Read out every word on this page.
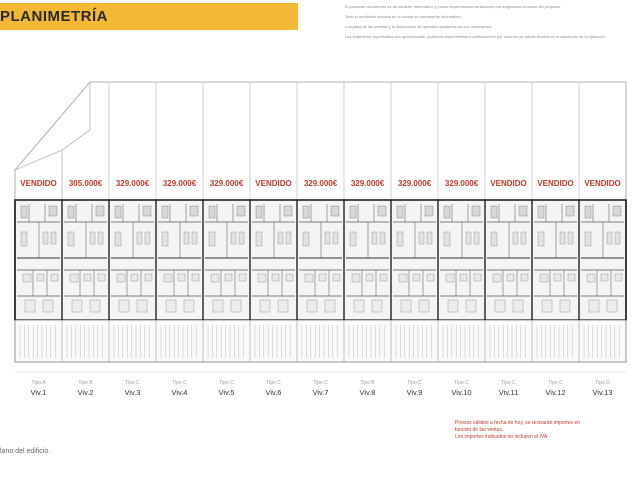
PLANIMETRÍA

El presente documento es de carácter informativo y puede experimentar variaciones por exigencias técnicas del proyecto.

Todo el mobiliario incluido en la cocina es meramente informativo.

Los giros de las puertas y la distribución de aparatos sanitarios no son vinculantes.

Las superficies expresadas son aproximadas, pudiendo experimentar modificaciones por razones de índole técnica en el desarrollo de la ejecución.

VENDIDO
Tipo A
Viv.1
305.000€
Tipo B
Viv.2
329.000€
Tipo C
Viv.3
329.000€
Tipo C
Viv.4
329.000€
Tipo C
Viv.5
VENDIDO
Tipo C
Viv.6
329.000€
Tipo C
Viv.7
329.000€
Tipo B
Viv.8
329.000€
Tipo C
Viv.9
329.000€
Tipo C
Viv.10
VENDIDO
Tipo C
Viv.11
VENDIDO
Tipo C
Viv.12
VENDIDO
Tipo D
Viv.13

Precios válidos a fecha de hoy, se revisarán importes en

función de las ventas.

Los importes indicados no incluyen el IVA

lano del edificio.
